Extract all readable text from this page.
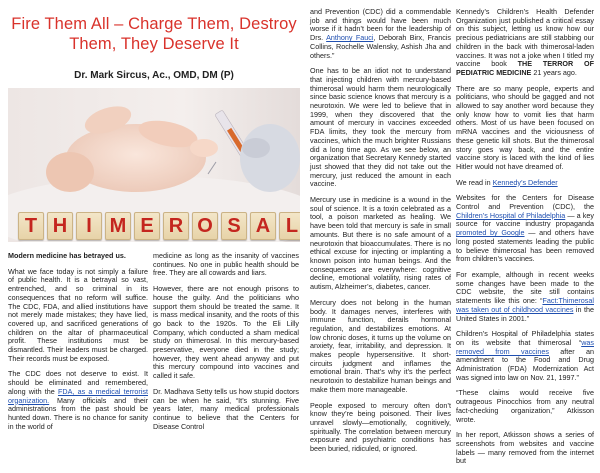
Fire Them All – Charge Them, Destroy Them, They Deserve It
Dr. Mark Sircus, Ac., OMD, DM (P)
T H I M E R O S A L

Modern medicine has betrayed us.

What we face today is not simply a failure of public health. It is a betrayal so vast, entrenched, and so criminal in its consequences that no reform will suffice. The CDC, FDA, and allied institutions have not merely made mistakes; they have lied, covered up, and sacrificed generations of children on the altar of pharmaceutical profit. These institutions must be dismantled. Their leaders must be charged. Their records must be exposed.

The CDC does not deserve to exist. It should be eliminated and remembered, along with the FDA, as a medical terrorist organization. Many officials and their administrations from the past should be hunted down. There is no chance for sanity in the world of

medicine as long as the insanity of vaccines continues. No one in public health should be free. They are all cowards and liars.

However, there are not enough prisons to house the guilty. And the politicians who support them should be treated the same. It is mass medical insanity, and the roots of this go back to the 1920s. To the Eli Lilly Company, which conducted a sham medical study on thimerosal. In this mercury-based preservative, everyone died in the study; however, they went ahead anyway and put this mercury compound into vaccines and called it safe.

Dr. Madhava Setty tells us how stupid doctors can be when he said, “It’s stunning. Five years later, many medical professionals continue to believe that the Centers for Disease Control

and Prevention (CDC) did a commendable job and things would have been much worse if it hadn’t been for the leadership of Drs. Anthony Fauci, Deborah Birx, Francis Collins, Rochelle Walensky, Ashish Jha and others.”

One has to be an idiot not to understand that injecting children with mercury-based thimerosal would harm them neurologically since basic science knows that mercury is a neurotoxin. We were led to believe that in 1999, when they discovered that the amount of mercury in vaccines exceeded FDA limits, they took the mercury from vaccines, which the much brighter Russians did a long time ago. As we see below, an organization that Secretary Kennedy started just showed that they did not take out the mercury, just reduced the amount in each vaccine.

Mercury use in medicine is a wound in the soul of science. It is a toxin celebrated as a tool, a poison marketed as healing. We have been told that mercury is safe in small amounts. But there is no safe amount of a neurotoxin that bioaccumulates. There is no ethical excuse for injecting or implanting a known poison into human beings. And the consequences are everywhere: cognitive decline, emotional volatility, rising rates of autism, Alzheimer’s, diabetes, cancer.

Mercury does not belong in the human body. It damages nerves, interferes with immune function, derails hormonal regulation, and destabilizes emotions. At low chronic doses, it turns up the volume on anxiety, fear, irritability, and depression. It makes people hypersensitive. It short-circuits judgment and inflames the emotional brain. That’s why it’s the perfect neurotoxin to destabilize human beings and make them more manageable.

People exposed to mercury often don’t know they’re being poisoned. Their lives unravel slowly—emotionally, cognitively, spiritually. The correlation between mercury exposure and psychiatric conditions has been buried, ridiculed, or ignored.

Kennedy’s Children’s Health Defender Organization just published a critical essay on this subject, letting us know how our precious pediatricians are still stabbing our children in the back with thimerosal-laden vaccines. It was not a joke when I titled my vaccine book THE TERROR OF PEDIATRIC MEDICINE 21 years ago.

There are so many people, experts and politicians, who should be gagged and not allowed to say another word because they only know how to vomit lies that harm others. Most of us have been focused on mRNA vaccines and the viciousness of these genetic kill shots. But the thimerosal story goes way back, and the entire vaccine story is laced with the kind of lies Hitler would not have dreamed of.

We read in Kennedy’s Defender

Websites for the Centers for Disease Control and Prevention (CDC), the Children’s Hospital of Philadelphia — a key source for vaccine industry propaganda promoted by Google — and others have long posted statements leading the public to believe thimerosal has been removed from children’s vaccines.

For example, although in recent weeks some changes have been made to the CDC website, the site still contains statements like this one: “Fact:Thimerosal was taken out of childhood vaccines in the United States in 2001.”

Children’s Hospital of Philadelphia states on its website that thimerosal “was removed from vaccines after an amendment to the Food and Drug Administration (FDA) Modernization Act was signed into law on Nov. 21, 1997.”

“These claims would receive five outrageous Pinocchios from any neutral fact-checking organization,” Atkisson wrote.

In her report, Atkisson shows a series of screenshots from websites and vaccine labels — many removed from the internet but
